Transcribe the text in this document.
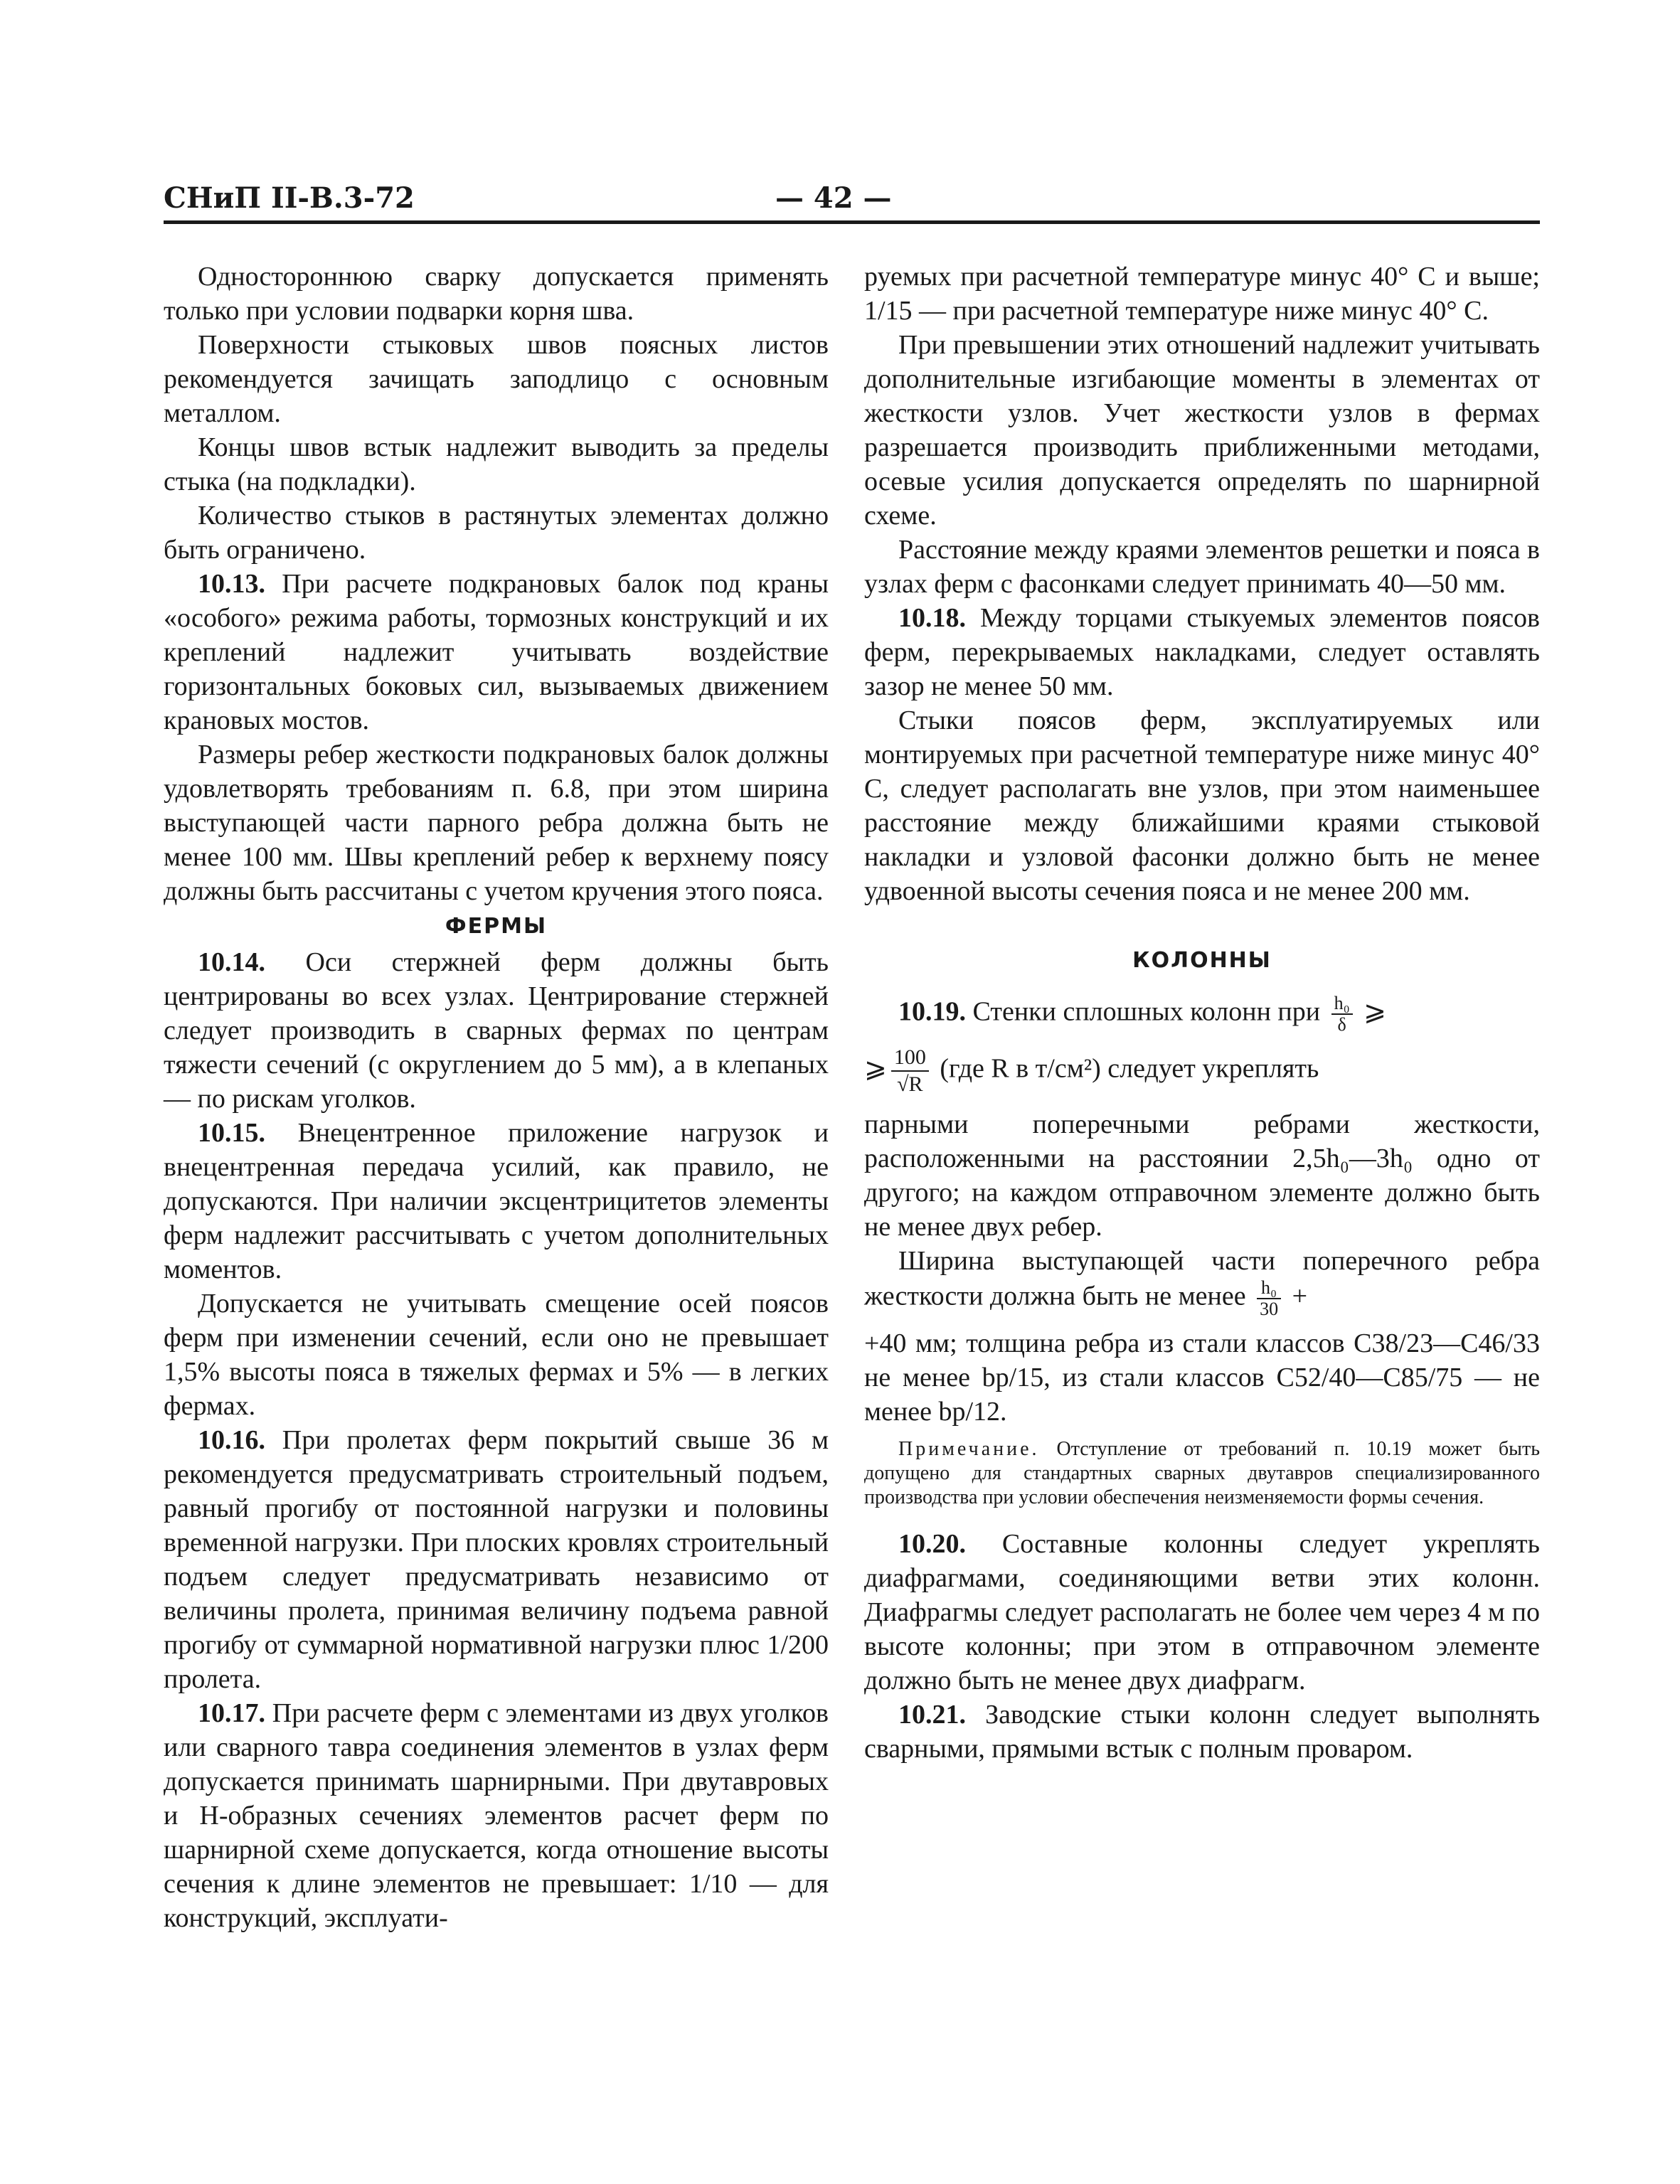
СНиП II-В.3-72	— 42 —

Одностороннюю сварку допускается применять только при условии подварки корня шва.

Поверхности стыковых швов поясных листов рекомендуется зачищать заподлицо с основным металлом.

Концы швов встык надлежит выводить за пределы стыка (на подкладки).

Количество стыков в растянутых элементах должно быть ограничено.

10.13. При расчете подкрановых балок под краны «особого» режима работы, тормозных конструкций и их креплений надлежит учитывать воздействие горизонтальных боковых сил, вызываемых движением крановых мостов.

Размеры ребер жесткости подкрановых балок должны удовлетворять требованиям п. 6.8, при этом ширина выступающей части парного ребра должна быть не менее 100 мм. Швы креплений ребер к верхнему поясу должны быть рассчитаны с учетом кручения этого пояса.

ФЕРМЫ

10.14. Оси стержней ферм должны быть центрированы во всех узлах. Центрирование стержней следует производить в сварных фермах по центрам тяжести сечений (с округлением до 5 мм), а в клепаных — по рискам уголков.

10.15. Внецентренное приложение нагрузок и внецентренная передача усилий, как правило, не допускаются. При наличии эксцентрицитетов элементы ферм надлежит рассчитывать с учетом дополнительных моментов.

Допускается не учитывать смещение осей поясов ферм при изменении сечений, если оно не превышает 1,5% высоты пояса в тяжелых фермах и 5% — в легких фермах.

10.16. При пролетах ферм покрытий свыше 36 м рекомендуется предусматривать строительный подъем, равный прогибу от постоянной нагрузки и половины временной нагрузки. При плоских кровлях строительный подъем следует предусматривать независимо от величины пролета, принимая величину подъема равной прогибу от суммарной нормативной нагрузки плюс 1/200 пролета.

10.17. При расчете ферм с элементами из двух уголков или сварного тавра соединения элементов в узлах ферм допускается принимать шарнирными. При двутавровых и Н-образных сечениях элементов расчет ферм по шарнирной схеме допускается, когда отношение высоты сечения к длине элементов не превышает: 1/10 — для конструкций, эксплуати-

руемых при расчетной температуре минус 40° С и выше; 1/15 — при расчетной температуре ниже минус 40° С.

При превышении этих отношений надлежит учитывать дополнительные изгибающие моменты в элементах от жесткости узлов. Учет жесткости узлов в фермах разрешается производить приближенными методами, осевые усилия допускается определять по шарнирной схеме.

Расстояние между краями элементов решетки и пояса в узлах ферм с фасонками следует принимать 40—50 мм.

10.18. Между торцами стыкуемых элементов поясов ферм, перекрываемых накладками, следует оставлять зазор не менее 50 мм.

Стыки поясов ферм, эксплуатируемых или монтируемых при расчетной температуре ниже минус 40° С, следует располагать вне узлов, при этом наименьшее расстояние между ближайшими краями стыковой накладки и узловой фасонки должно быть не менее удвоенной высоты сечения пояса и не менее 200 мм.

КОЛОННЫ
10.19. Стенки сплошных колонн при $\frac{\text{h₀}}{\delta}$ ⩾
⩾ $\frac{100}{√R} (где$ R в т/см²) следует укреплять

парными поперечными ребрами жесткости, расположенными на расстоянии 2,5h₀—3h₀ одно от другого; на каждом отправочном элементе должно быть не менее двух ребер.

Ширина выступающей части поперечного ребра жесткости должна быть не менее $\frac{\text{h₀}}{30}$ +

+40 мм; толщина ребра из стали классов С38/23—С46/33 не менее bр/15, из стали классов С52/40—С85/75 — не менее bр/12.

Примечание. Отступление от требований п. 10.19 может быть допущено для стандартных сварных двутавров специализированного производства при условии обеспечения неизменяемости формы сечения.

10.20. Составные колонны следует укреплять диафрагмами, соединяющими ветви этих колонн. Диафрагмы следует располагать не более чем через 4 м по высоте колонны; при этом в отправочном элементе должно быть не менее двух диафрагм.

10.21. Заводские стыки колонн следует выполнять сварными, прямыми встык с полным проваром.
